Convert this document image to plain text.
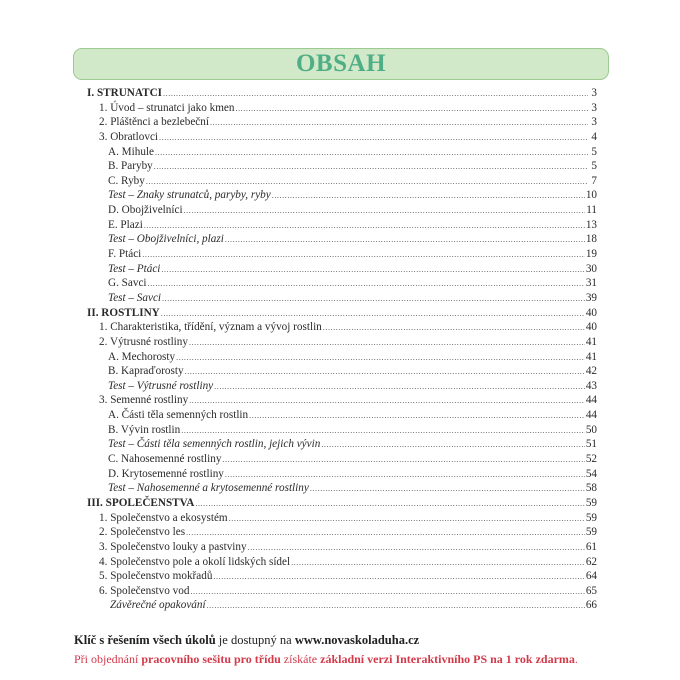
OBSAH
I. STRUNATCI .....	3
1. Úvod – strunatci jako kmen .....	3
2. Pláštěnci a bezlebeční .....	3
3. Obratlovci .....	4
A. Mihule .....	5
B. Paryby .....	5
C. Ryby .....	7
Test – Znaky strunatců, paryby, ryby .....	10
D. Obojživelníci .....	11
E. Plazi .....	13
Test – Obojživelníci, plazi .....	18
F. Ptáci .....	19
Test – Ptáci .....	30
G. Savci .....	31
Test – Savci .....	39
II. ROSTLINY .....	40
1. Charakteristika, třídění, význam a vývoj rostlin .....	40
2. Výtrusné rostliny .....	41
A. Mechorosty .....	41
B. Kapraďorosty .....	42
Test – Výtrusné rostliny .....	43
3. Semenné rostliny .....	44
A. Části těla semenných rostlin .....	44
B. Vývin rostlin .....	50
Test – Části těla semenných rostlin, jejich vývin .....	51
C. Nahosemenné rostliny .....	52
D. Krytosemenné rostliny .....	54
Test – Nahosemenné a krytosemenné rostliny .....	58
III. SPOLEČENSTVA .....	59
1. Společenstvo a ekosystém .....	59
2. Společenstvo les .....	59
3. Společenstvo louky a pastviny .....	61
4. Společenstvo pole a okolí lidských sídel .....	62
5. Společenstvo mokřadů .....	64
6. Společenstvo vod .....	65
Závěrečné opakování .....	66
Klíč s řešením všech úkolů je dostupný na www.novaskoladuha.cz
Při objednání pracovního sešitu pro třídu získáte základní verzi Interaktivního PS na 1 rok zdarma.
